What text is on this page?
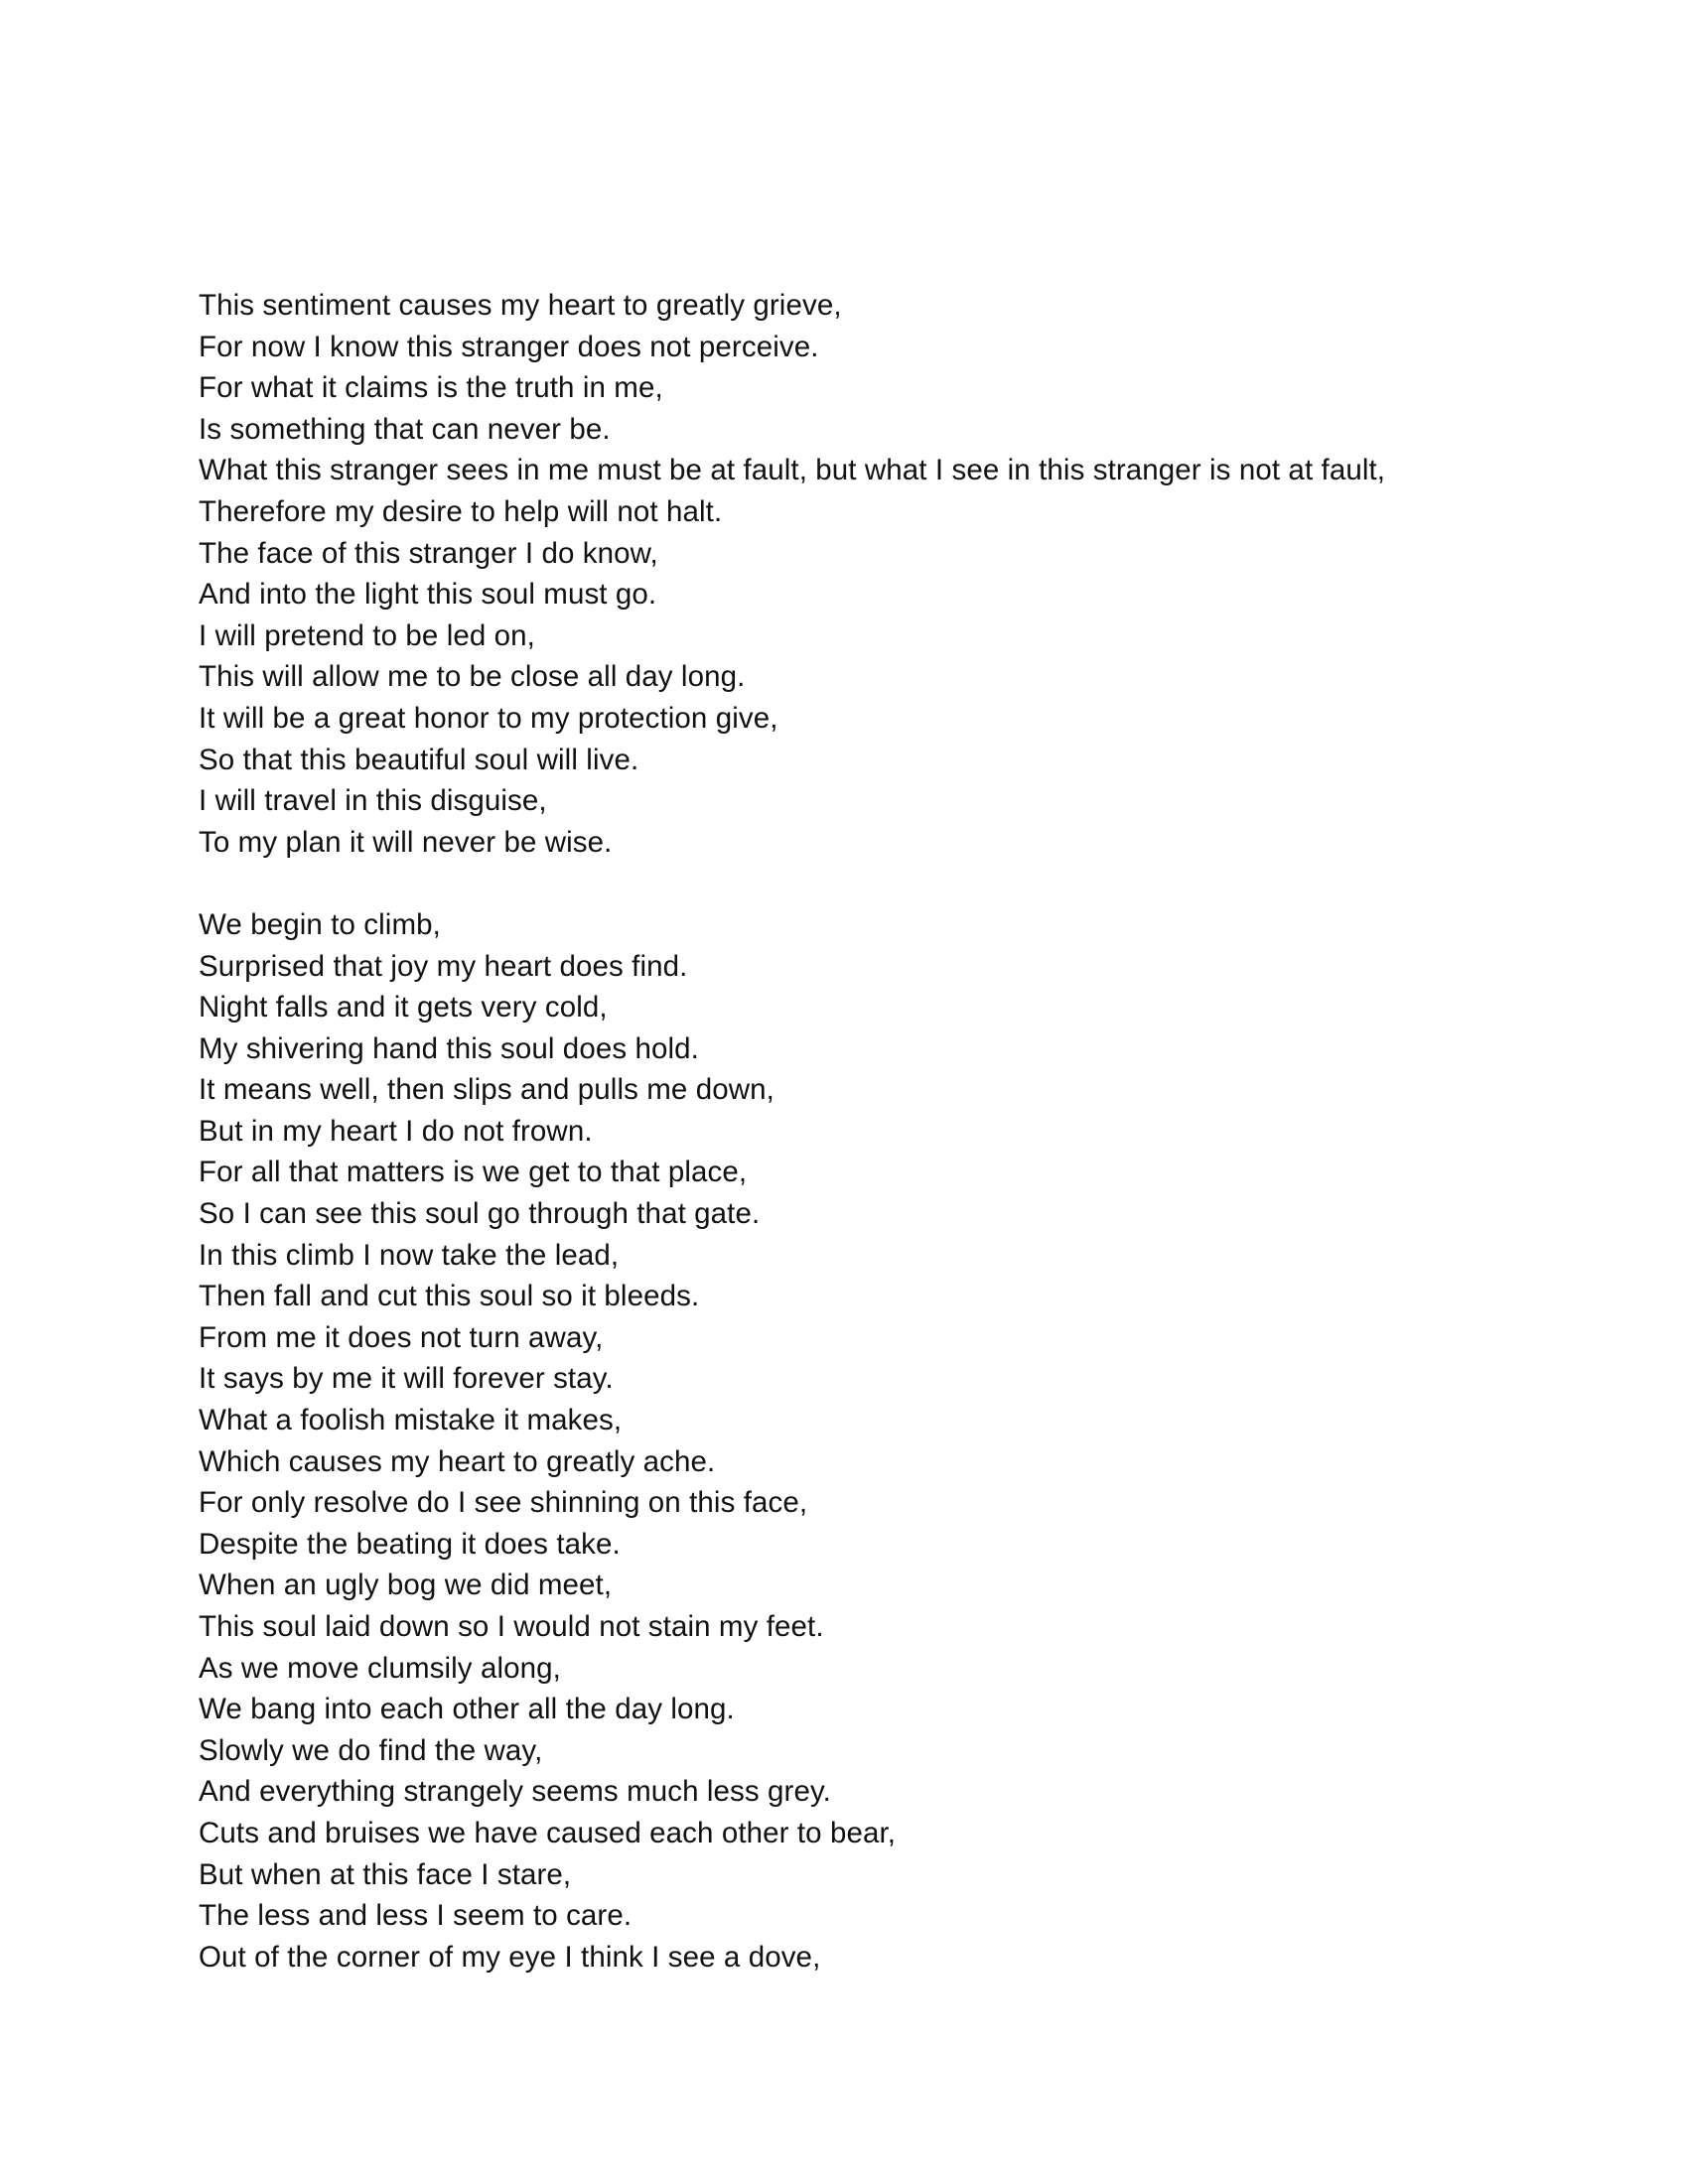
This sentiment causes my heart to greatly grieve,
For now I know this stranger does not perceive.
For what it claims is the truth in me,
Is something that can never be.
What this stranger sees in me must be at fault, but what I see in this stranger is not at fault,
Therefore my desire to help will not halt.
The face of this stranger I do know,
And into the light this soul must go.
I will pretend to be led on,
This will allow me to be close all day long.
It will be a great honor to my protection give,
So that this beautiful soul will live.
I will travel in this disguise,
To my plan it will never be wise.
We begin to climb,
Surprised that joy my heart does find.
Night falls and it gets very cold,
My shivering hand this soul does hold.
It means well, then slips and pulls me down,
But in my heart I do not frown.
For all that matters is we get to that place,
So I can see this soul go through that gate.
In this climb I now take the lead,
Then fall and cut this soul so it bleeds.
From me it does not turn away,
It says by me it will forever stay.
What a foolish mistake it makes,
Which causes my heart to greatly ache.
For only resolve do I see shinning on this face,
Despite the beating it does take.
When an ugly bog we did meet,
This soul laid down so I would not stain my feet.
As we move clumsily along,
We bang into each other all the day long.
Slowly we do find the way,
And everything strangely seems much less grey.
Cuts and bruises we have caused each other to bear,
But when at this face I stare,
The less and less I seem to care.
Out of the corner of my eye I think I see a dove,
